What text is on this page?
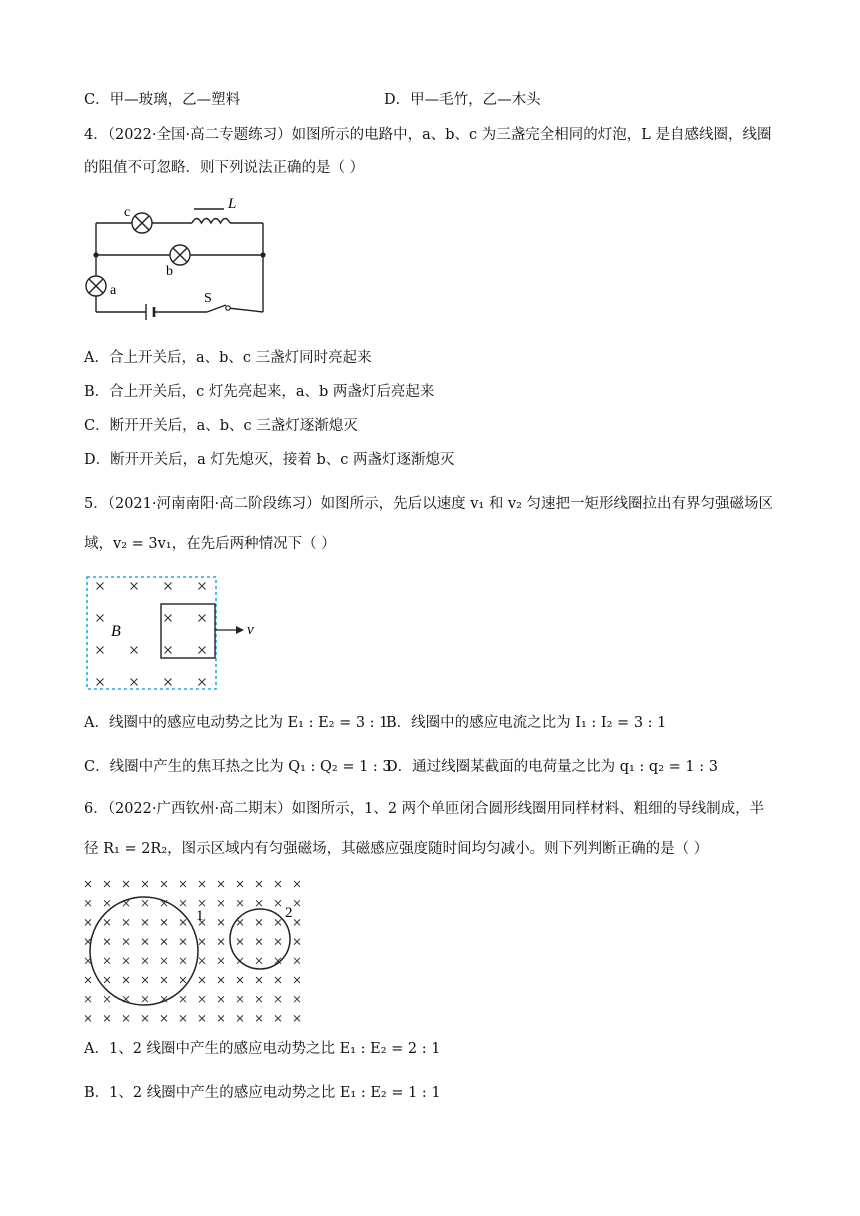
C．甲—玻璃，乙—塑料	D．甲—毛竹，乙—木头
4．（2022·全国·高二专题练习）如图所示的电路中，a、b、c 为三盏完全相同的灯泡，L 是自感线圈，线圈
的阻值不可忽略．则下列说法正确的是（ ）
c
b
a
L
S
A．合上开关后，a、b、c 三盏灯同时亮起来
B．合上开关后，c 灯先亮起来，a、b 两盏灯后亮起来
C．断开开关后，a、b、c 三盏灯逐渐熄灭
D．断开开关后，a 灯先熄灭，接着 b、c 两盏灯逐渐熄灭
5．（2021·河南南阳·高二阶段练习）如图所示，先后以速度 v₁ 和 v₂ 匀速把一矩形线圈拉出有界匀强磁场区
域，v₂ = 3v₁，在先后两种情况下（ ）
v
B
A．线圈中的感应电动势之比为 E₁ : E₂ = 3 : 1
B．线圈中的感应电流之比为 I₁ : I₂ = 3 : 1
C．线圈中产生的焦耳热之比为 Q₁ : Q₂ = 1 : 3
D．通过线圈某截面的电荷量之比为 q₁ : q₂ = 1 : 3
6．（2022·广西钦州·高二期末）如图所示，1、2 两个单匝闭合圆形线圈用同样材料、粗细的导线制成，半
径 R₁ = 2R₂，图示区域内有匀强磁场，其磁感应强度随时间均匀减小。则下列判断正确的是（ ）
1	2
A．1、2 线圈中产生的感应电动势之比 E₁ : E₂ = 2 : 1
B．1、2 线圈中产生的感应电动势之比 E₁ : E₂ = 1 : 1
